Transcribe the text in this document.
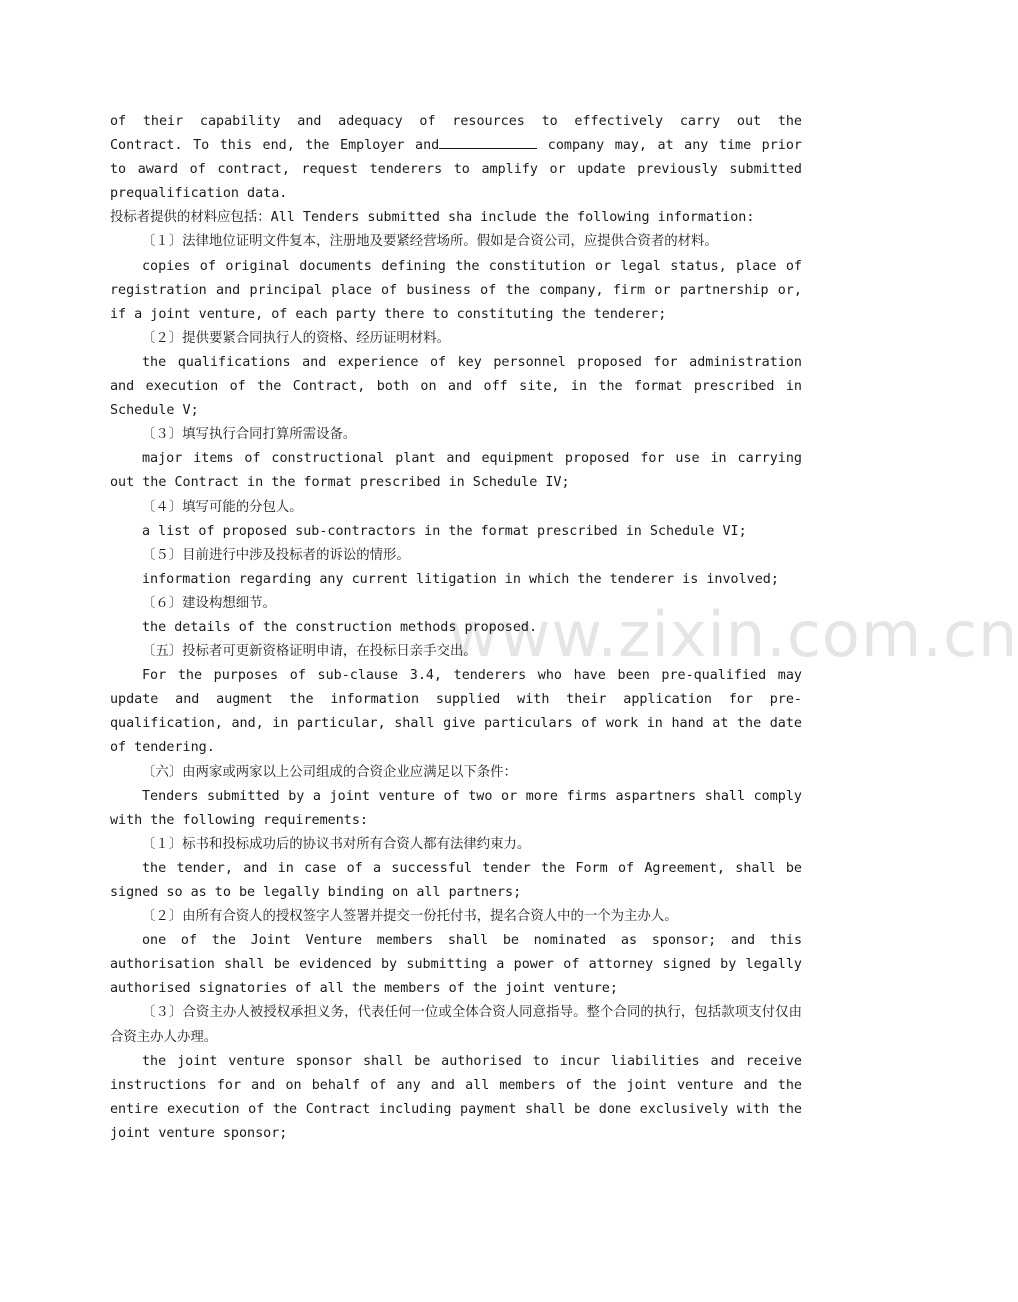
www.zixin.com.cn

of their capability and adequacy of resources to effectively carry out the

Contract. To this end, the Employer and	company may, at any time prior

to award of contract, request tenderers to amplify or update previously submitted

prequalification data.

投标者提供的材料应包括：All Tenders submitted sha include the following information:

〔１〕法律地位证明文件复本，注册地及要紧经营场所。假如是合资公司，应提供合资者的材料。

copies of original documents defining the constitution or legal status, place of registration and principal place of business of the company, firm or partnership or, if a joint venture, of each party there to constituting the tenderer;

〔２〕提供要紧合同执行人的资格、经历证明材料。

the qualifications and experience of key personnel proposed for administration and execution of the Contract, both on and off site, in the format prescribed in Schedule V;

〔３〕填写执行合同打算所需设备。

major items of constructional plant and equipment proposed for use in carrying out the Contract in the format prescribed in Schedule IV;

〔４〕填写可能的分包人。

a list of proposed sub-contractors in the format prescribed in Schedule VI;

〔５〕目前进行中涉及投标者的诉讼的情形。

information regarding any current litigation in which the tenderer is involved;

〔６〕建设构想细节。

the details of the construction methods proposed.

〔五〕投标者可更新资格证明申请，在投标日亲手交出。

For the purposes of sub-clause 3.4, tenderers who have been pre-qualified may update and augment the information supplied with their application for pre-qualification, and, in particular, shall give particulars of work in hand at the date of tendering.

〔六〕由两家或两家以上公司组成的合资企业应满足以下条件：

Tenders submitted by a joint venture of two or more firms aspartners shall comply with the following requirements:

〔１〕标书和投标成功后的协议书对所有合资人都有法律约束力。

the tender, and in case of a successful tender the Form of Agreement, shall be signed so as to be legally binding on all partners;

〔２〕由所有合资人的授权签字人签署并提交一份托付书，提名合资人中的一个为主办人。

one of the Joint Venture members shall be nominated as sponsor; and this authorisation shall be evidenced by submitting a power of attorney signed by legally authorised signatories of all the members of the joint venture;

〔３〕合资主办人被授权承担义务，代表任何一位或全体合资人同意指导。整个合同的执行，包括款项支付仅由合资主办人办理。

the joint venture sponsor shall be authorised to incur liabilities and receive instructions for and on behalf of any and all members of the joint venture and the entire execution of the Contract including payment shall be done exclusively with the joint venture sponsor;
